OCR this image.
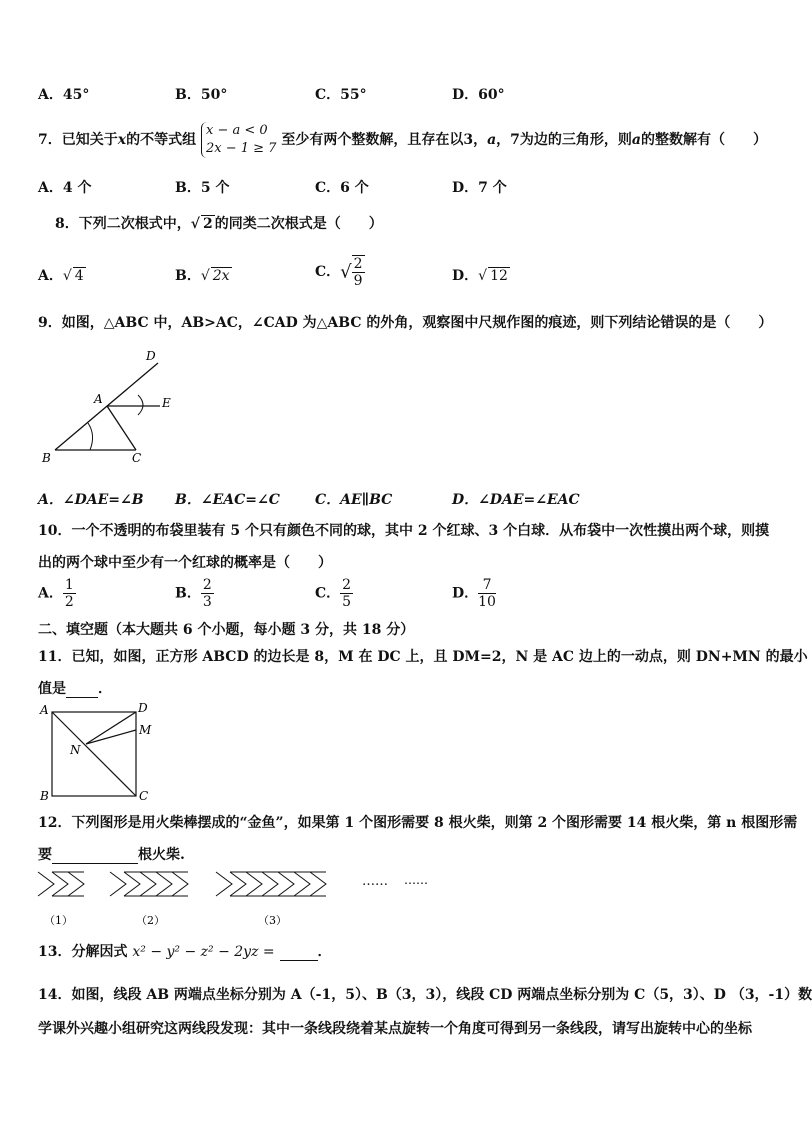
A．45°	B．50°	C．55°	D．60°
7．已知关于x的不等式组
x − a < 0
2x − 1 ≥ 7
至少有两个整数解，且存在以3，a，7为边的三角形，则a的整数解有（　　）
A．4 个	B．5 个	C．6 个	D．7 个
8．下列二次根式中，√ 2 的同类二次根式是（　　）
A．√ 4	B．√ 2x	C．√ $\frac{2}{9}$	D．√ 12
9．如图，△ABC 中，AB>AC，∠CAD 为△ABC 的外角，观察图中尺规作图的痕迹，则下列结论错误的是（　　）
D
A	E
B	C
A．∠DAE=∠B B．∠EAC=∠C	C．AE∥BC	D．∠DAE=∠EAC
10．一个不透明的布袋里装有 5 个只有颜色不同的球，其中 2 个红球、3 个白球．从布袋中一次性摸出两个球，则摸
出的两个球中至少有一个红球的概率是（　　）
A． $\frac{1}{2}$	B． $\frac{2}{3}$	C． $\frac{2}{5}$	D． $\frac{7}{10}$
二、填空题（本大题共 6 个小题，每小题 3 分，共 18 分）
11．已知，如图，正方形 ABCD 的边长是 8，M 在 DC 上，且 DM=2，N 是 AC 边上的一动点，则 DN+MN 的最小
值是 ．
A	D
M
N
B	C
12．下列图形是用火柴棒摆成的“金鱼”，如果第 1 个图形需要 8 根火柴，则第 2 个图形需要 14 根火柴，第 n 根图形需
要	根火柴.
……
（1）	（2）	（3）
……
13．分解因式 x² − y² − z² − 2yz =	．
14．如图，线段 AB 两端点坐标分别为 A（-1，5）、B（3，3），线段 CD 两端点坐标分别为 C（5，3）、D （3，-1）数
学课外兴趣小组研究这两线段发现：其中一条线段绕着某点旋转一个角度可得到另一条线段，请写出旋转中心的坐标
